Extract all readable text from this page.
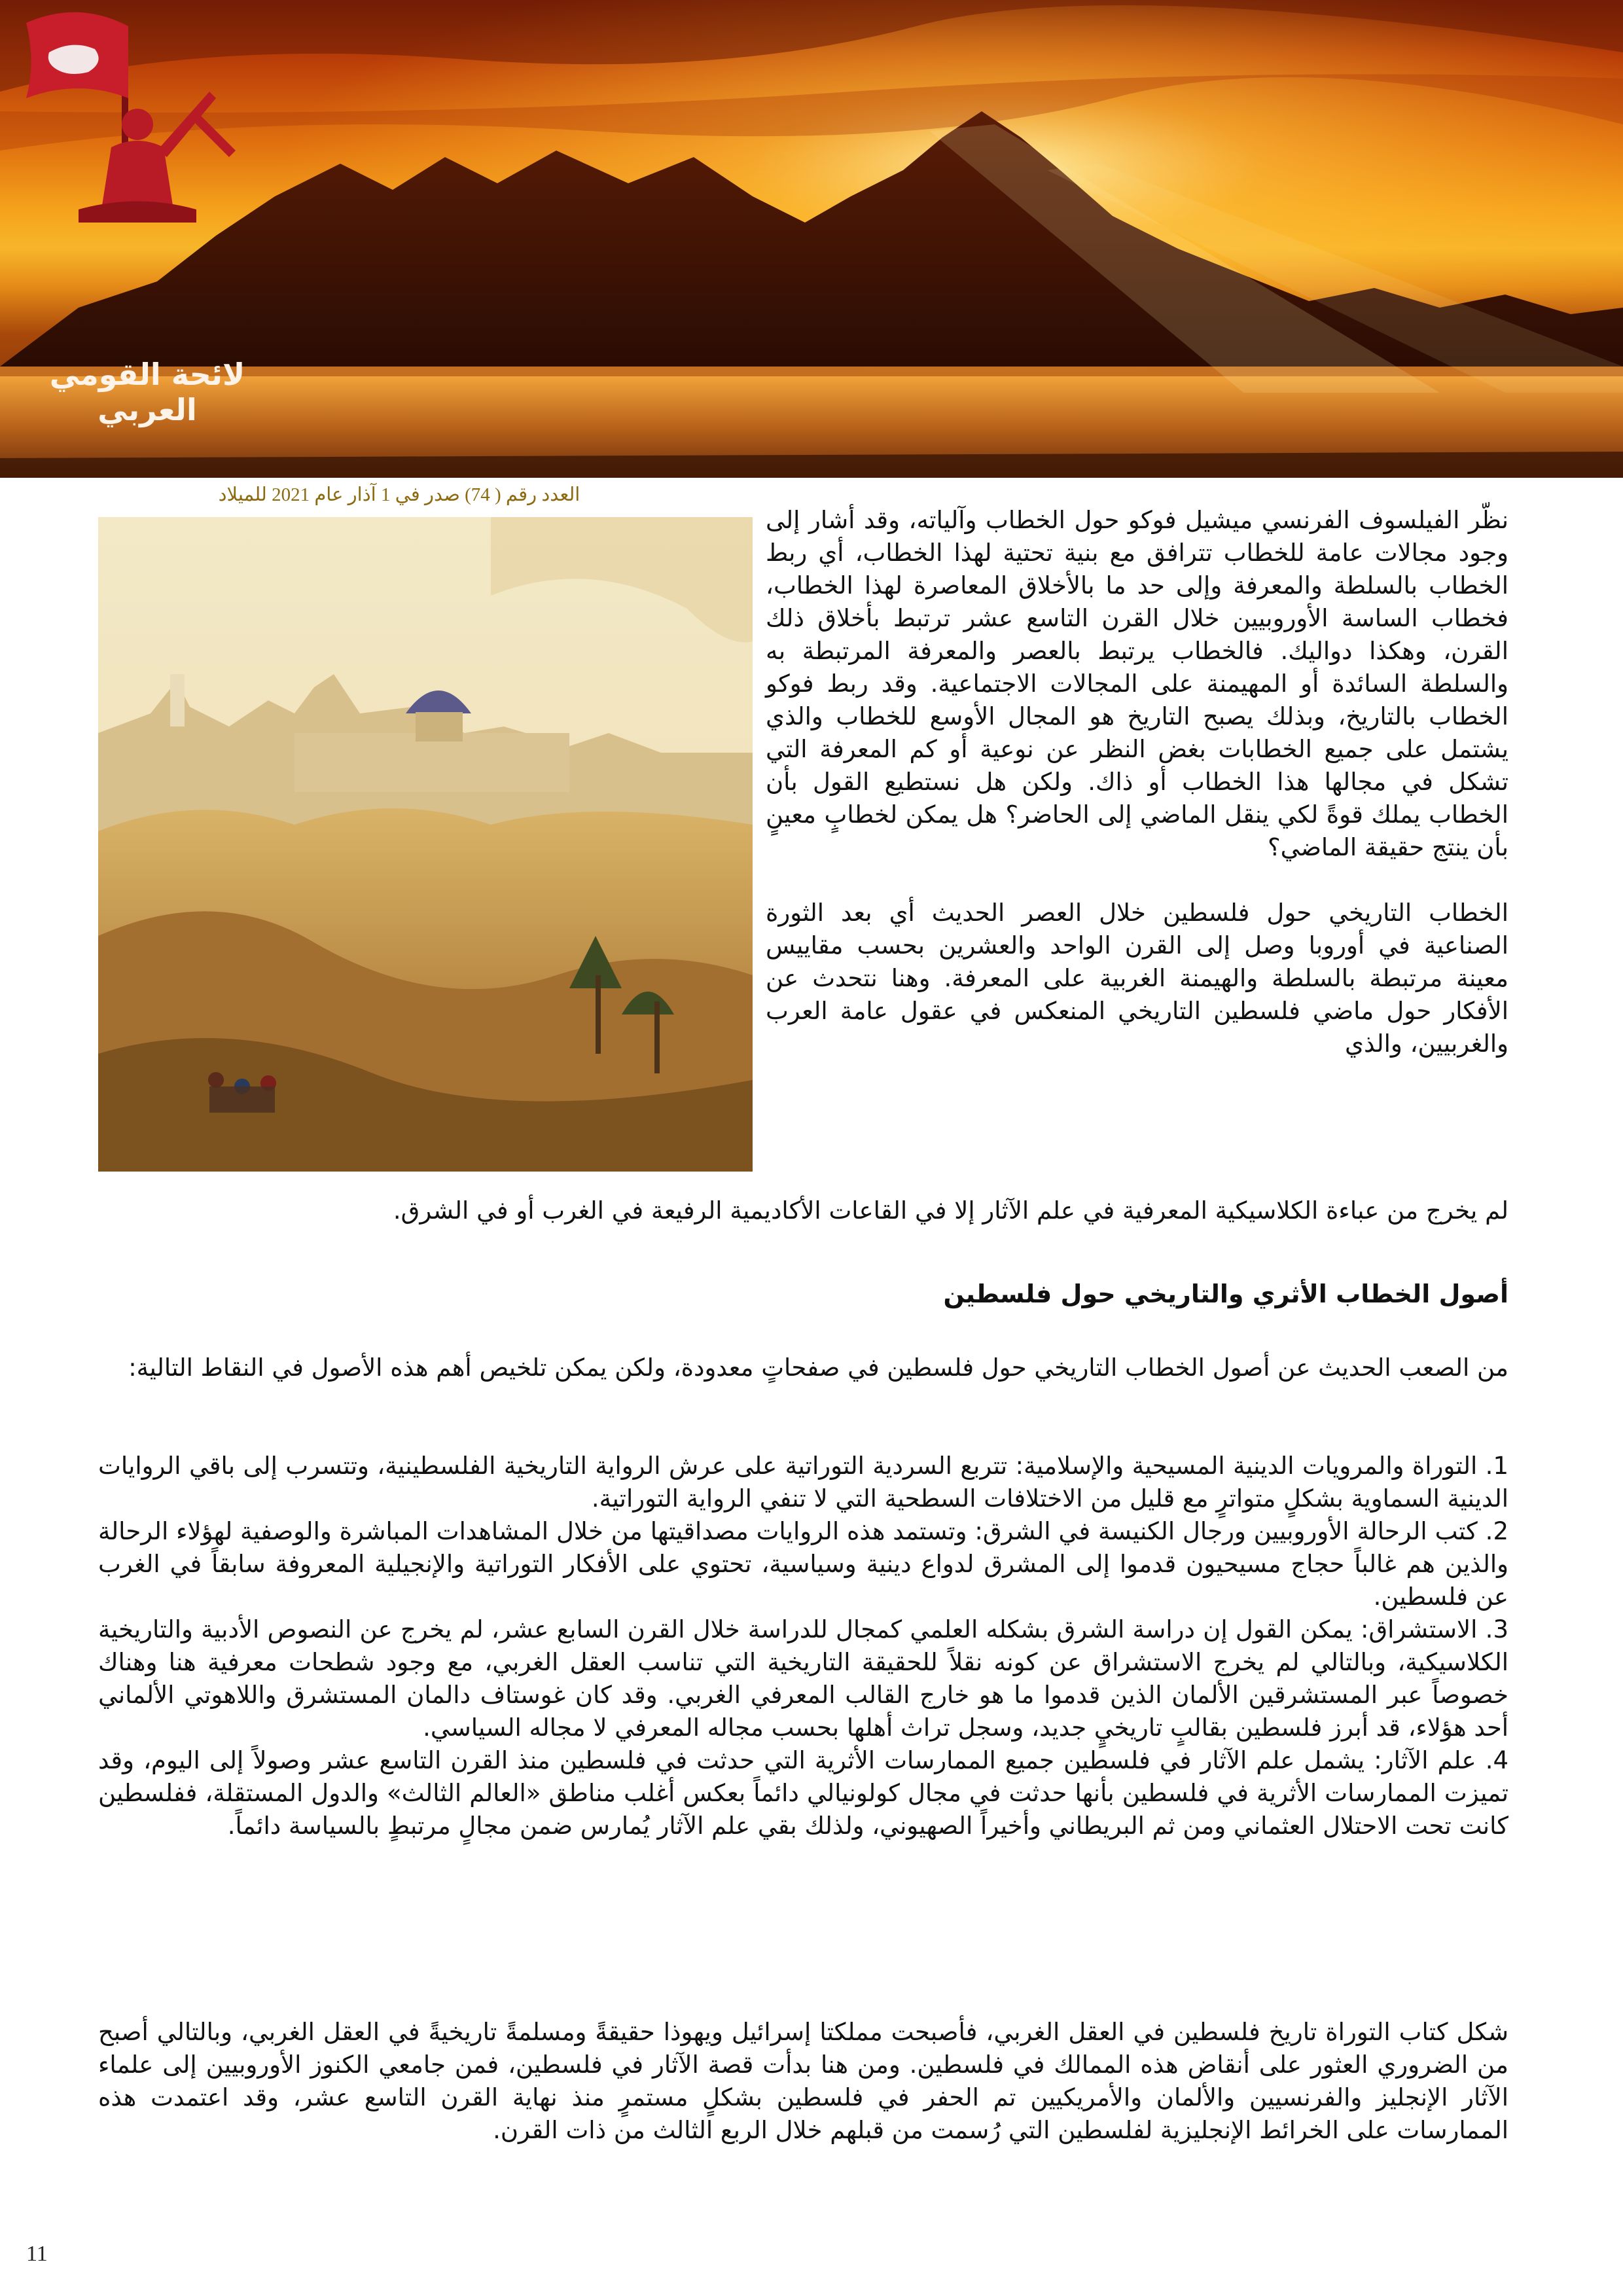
لائحة القومي العربي
العدد رقم ( 74) صدر في 1 آذار عام 2021 للميلاد

نظّر الفيلسوف الفرنسي ميشيل فوكو حول الخطاب وآلياته، وقد أشار إلى وجود مجالات عامة للخطاب تترافق مع بنية تحتية لهذا الخطاب، أي ربط الخطاب بالسلطة والمعرفة وإلى حد ما بالأخلاق المعاصرة لهذا الخطاب، فخطاب الساسة الأوروبيين خلال القرن التاسع عشر ترتبط بأخلاق ذلك القرن، وهكذا دواليك. فالخطاب يرتبط بالعصر والمعرفة المرتبطة به والسلطة السائدة أو المهيمنة على المجالات الاجتماعية. وقد ربط فوكو الخطاب بالتاريخ، وبذلك يصبح التاريخ هو المجال الأوسع للخطاب والذي يشتمل على جميع الخطابات بغض النظر عن نوعية أو كم المعرفة التي تشكل في مجالها هذا الخطاب أو ذاك. ولكن هل نستطيع القول بأن الخطاب يملك قوةً لكي ينقل الماضي إلى الحاضر؟ هل يمكن لخطابٍ معينٍ بأن ينتج حقيقة الماضي؟

الخطاب التاريخي حول فلسطين خلال العصر الحديث أي بعد الثورة الصناعية في أوروبا وصل إلى القرن الواحد والعشرين بحسب مقاييس معينة مرتبطة بالسلطة والهيمنة الغربية على المعرفة. وهنا نتحدث عن الأفكار حول ماضي فلسطين التاريخي المنعكس في عقول عامة العرب والغربيين، والذي

لم يخرج من عباءة الكلاسيكية المعرفية في علم الآثار إلا في القاعات الأكاديمية الرفيعة في الغرب أو في الشرق.
أصول الخطاب الأثري والتاريخي حول فلسطين
من الصعب الحديث عن أصول الخطاب التاريخي حول فلسطين في صفحاتٍ معدودة، ولكن يمكن تلخيص أهم هذه الأصول في النقاط التالية:

1. التوراة والمرويات الدينية المسيحية والإسلامية: تتربع السردية التوراتية على عرش الرواية التاريخية الفلسطينية، وتتسرب إلى باقي الروايات الدينية السماوية بشكلٍ متواترٍ مع قليل من الاختلافات السطحية التي لا تنفي الرواية التوراتية.

2. كتب الرحالة الأوروبيين ورجال الكنيسة في الشرق: وتستمد هذه الروايات مصداقيتها من خلال المشاهدات المباشرة والوصفية لهؤلاء الرحالة والذين هم غالباً حجاج مسيحيون قدموا إلى المشرق لدواع دينية وسياسية، تحتوي على الأفكار التوراتية والإنجيلية المعروفة سابقاً في الغرب عن فلسطين.

3. الاستشراق: يمكن القول إن دراسة الشرق بشكله العلمي كمجال للدراسة خلال القرن السابع عشر، لم يخرج عن النصوص الأدبية والتاريخية الكلاسيكية، وبالتالي لم يخرج الاستشراق عن كونه نقلاً للحقيقة التاريخية التي تناسب العقل الغربي، مع وجود شطحات معرفية هنا وهناك خصوصاً عبر المستشرقين الألمان الذين قدموا ما هو خارج القالب المعرفي الغربي. وقد كان غوستاف دالمان المستشرق واللاهوتي الألماني أحد هؤلاء، قد أبرز فلسطين بقالبٍ تاريخيٍ جديد، وسجل تراث أهلها بحسب مجاله المعرفي لا مجاله السياسي.

4. علم الآثار: يشمل علم الآثار في فلسطين جميع الممارسات الأثرية التي حدثت في فلسطين منذ القرن التاسع عشر وصولاً إلى اليوم، وقد تميزت الممارسات الأثرية في فلسطين بأنها حدثت في مجال كولونيالي دائماً بعكس أغلب مناطق «العالم الثالث» والدول المستقلة، ففلسطين كانت تحت الاحتلال العثماني ومن ثم البريطاني وأخيراً الصهيوني، ولذلك بقي علم الآثار يُمارس ضمن مجالٍ مرتبطٍ بالسياسة دائماً.

شكل كتاب التوراة تاريخ فلسطين في العقل الغربي، فأصبحت مملكتا إسرائيل ويهوذا حقيقةً ومسلمةً تاريخيةً في العقل الغربي، وبالتالي أصبح من الضروري العثور على أنقاض هذه الممالك في فلسطين. ومن هنا بدأت قصة الآثار في فلسطين، فمن جامعي الكنوز الأوروبيين إلى علماء الآثار الإنجليز والفرنسيين والألمان والأمريكيين تم الحفر في فلسطين بشكلٍ مستمرٍ منذ نهاية القرن التاسع عشر، وقد اعتمدت هذه الممارسات على الخرائط الإنجليزية لفلسطين التي رُسمت من قبلهم خلال الربع الثالث من ذات القرن.
11
